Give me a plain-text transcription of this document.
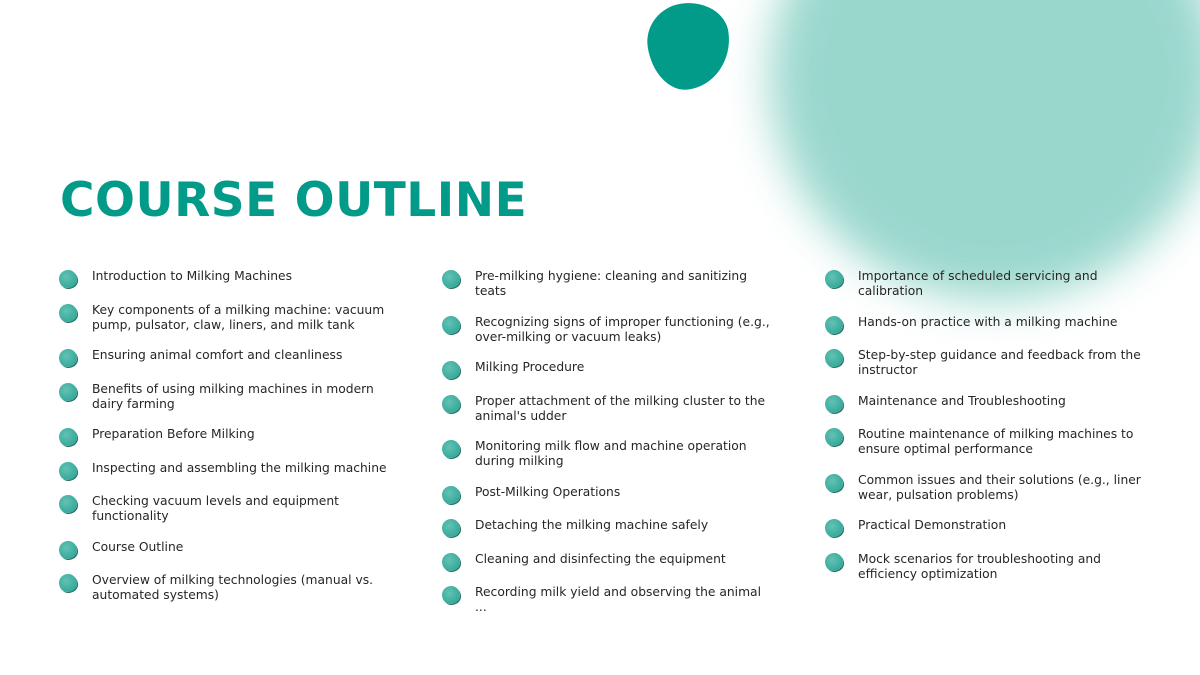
COURSE OUTLINE
Introduction to Milking Machines
Key components of a milking machine: vacuum pump, pulsator, claw, liners, and milk tank
Ensuring animal comfort and cleanliness
Benefits of using milking machines in modern dairy farming
Preparation Before Milking
Inspecting and assembling the milking machine
Checking vacuum levels and equipment functionality
Course Outline
Overview of milking technologies (manual vs. automated systems)
Pre-milking hygiene: cleaning and sanitizing teats
Recognizing signs of improper functioning (e.g., over-milking or vacuum leaks)
Milking Procedure
Proper attachment of the milking cluster to the animal's udder
Monitoring milk flow and machine operation during milking
Post-Milking Operations
Detaching the milking machine safely
Cleaning and disinfecting the equipment
Recording milk yield and observing the animal ...
Importance of scheduled servicing and calibration
Hands-on practice with a milking machine
Step-by-step guidance and feedback from the instructor
Maintenance and Troubleshooting
Routine maintenance of milking machines to ensure optimal performance
Common issues and their solutions (e.g., liner wear, pulsation problems)
Practical Demonstration
Mock scenarios for troubleshooting and efficiency optimization
